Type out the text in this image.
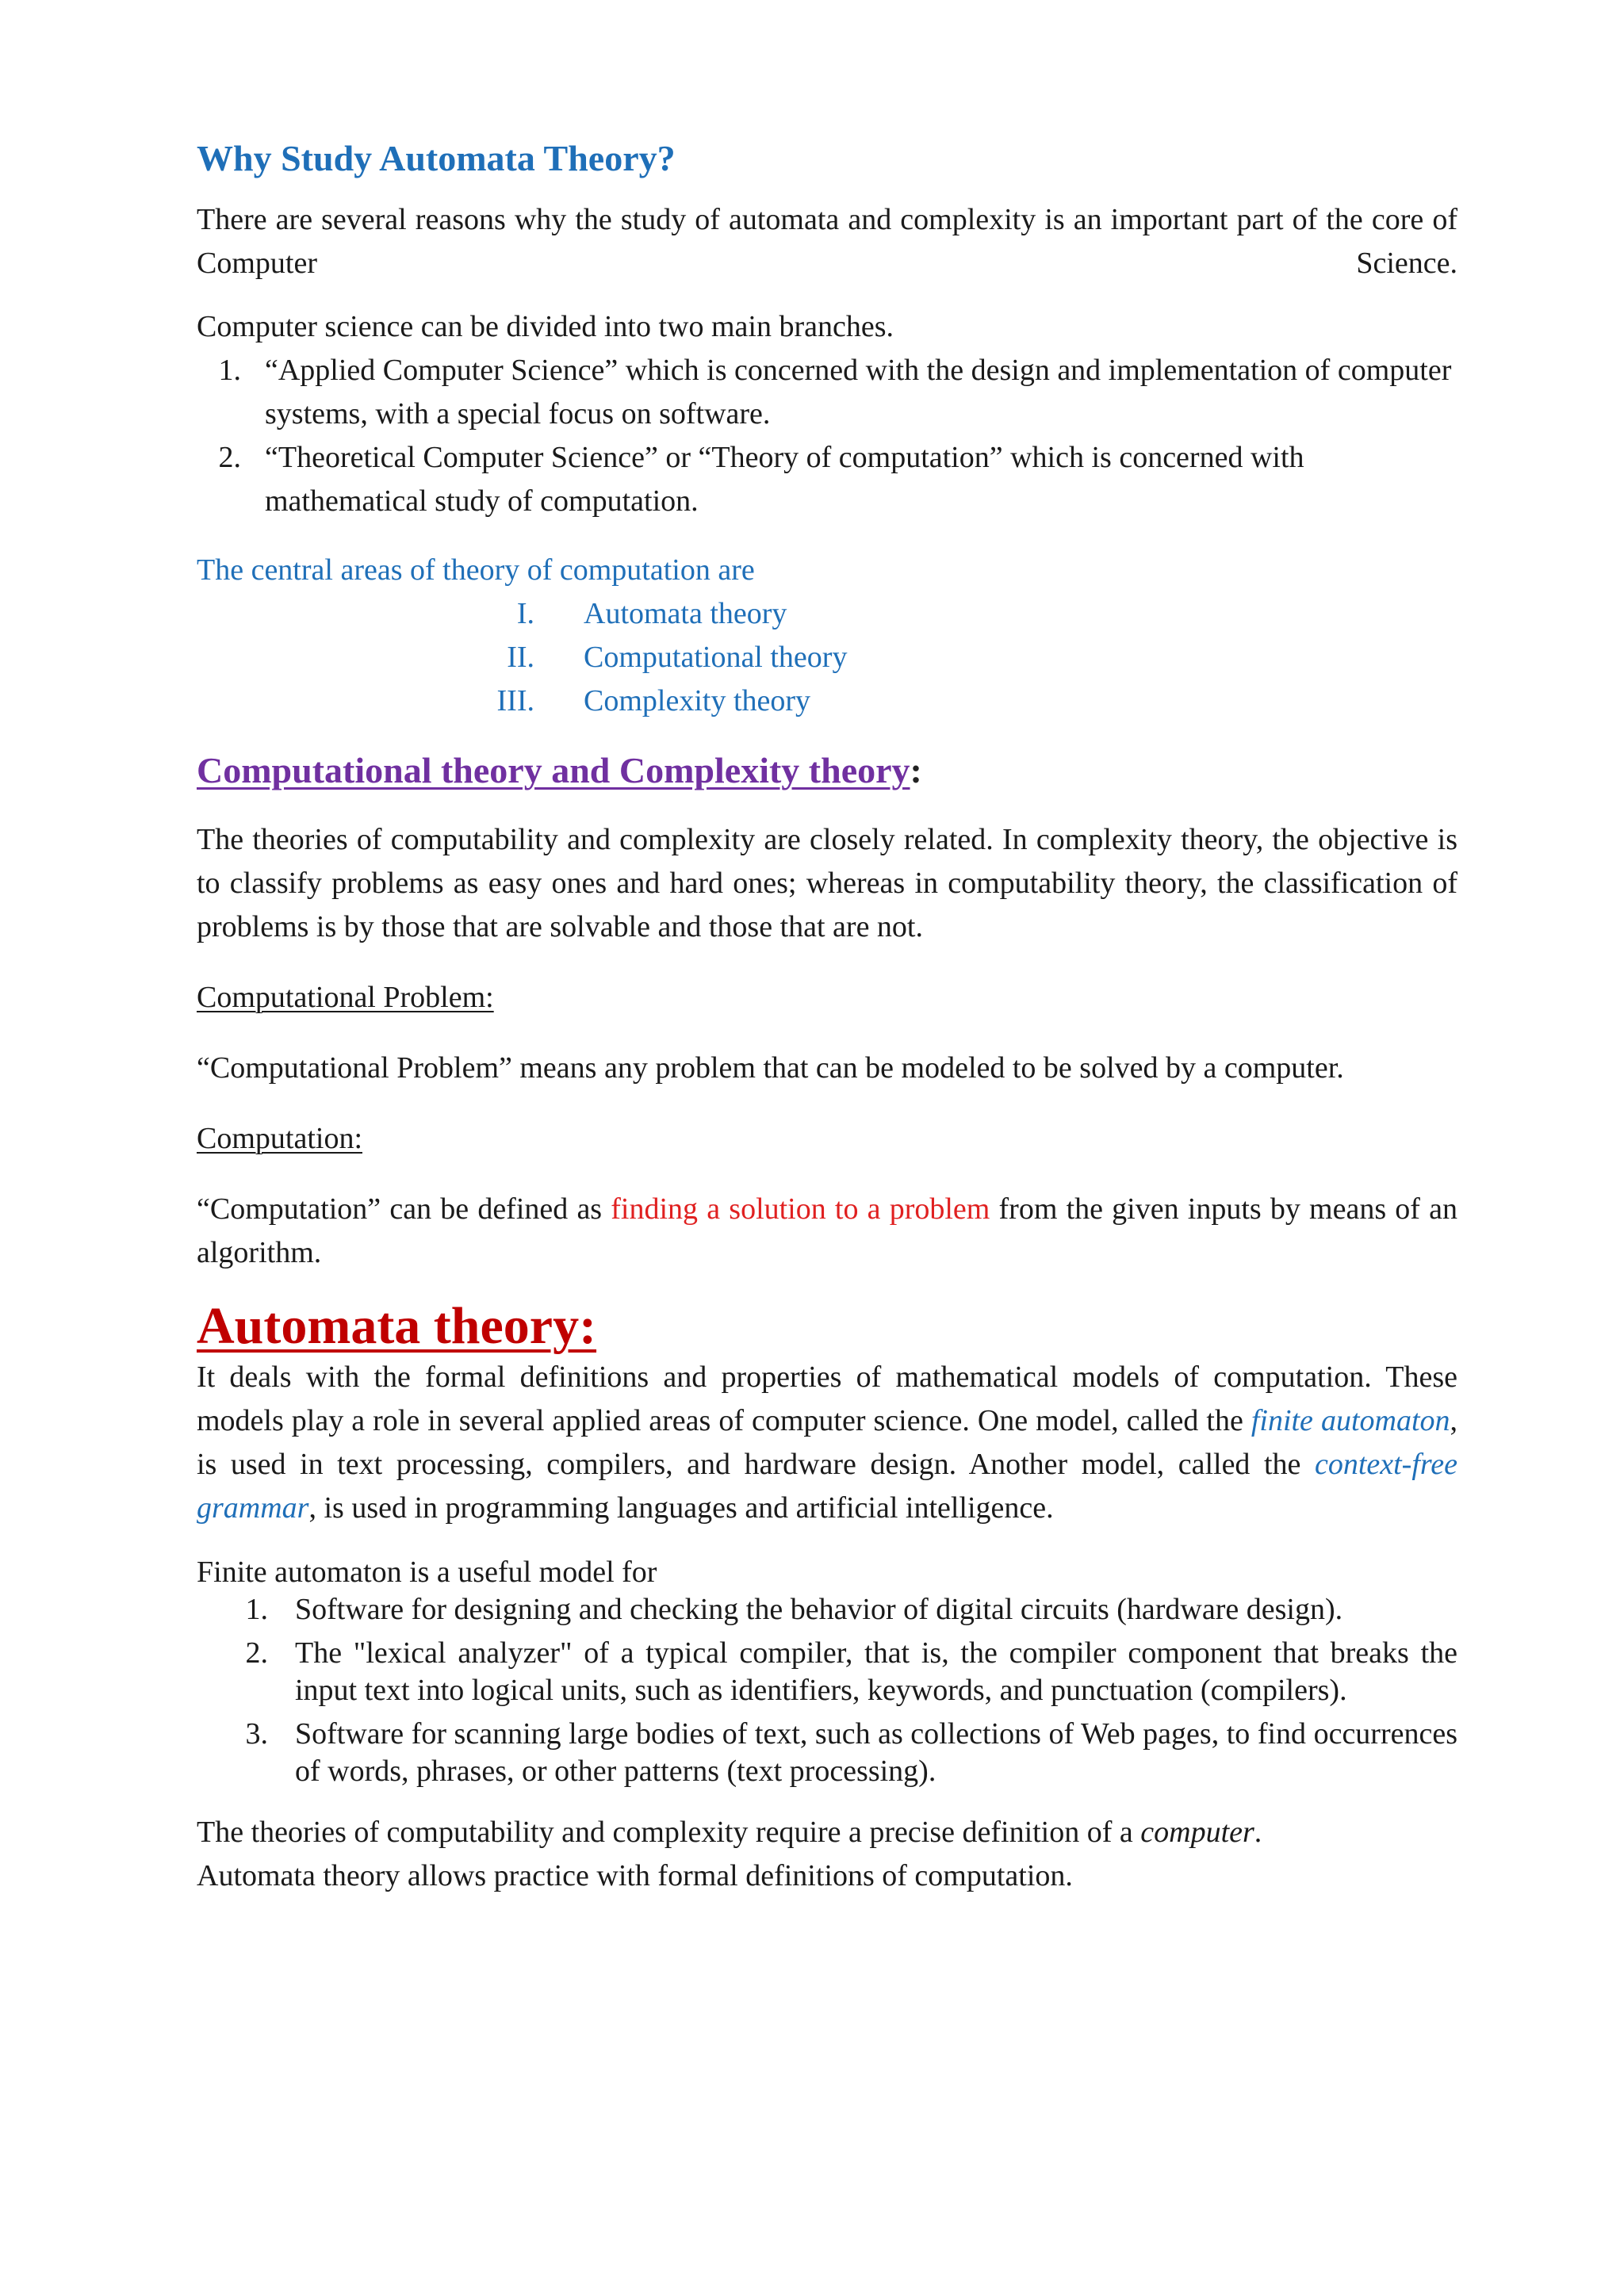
Why Study Automata Theory?

There are several reasons why the study of automata and complexity is an important part of the core of Computer Science.

Computer science can be divided into two main branches.

1. “Applied Computer Science” which is concerned with the design and implementation of computer systems, with a special focus on software.
2. “Theoretical Computer Science” or “Theory of computation” which is concerned with mathematical study of computation.

The central areas of theory of computation are

I. Automata theory
II. Computational theory
III. Complexity theory
Computational theory and Complexity theory:

The theories of computability and complexity are closely related. In complexity theory, the objective is to classify problems as easy ones and hard ones; whereas in computability theory, the classification of problems is by those that are solvable and those that are not.

Computational Problem:

“Computational Problem” means any problem that can be modeled to be solved by a computer.

Computation:

“Computation” can be defined as finding a solution to a problem from the given inputs by means of an algorithm.

Automata theory:

It deals with the formal definitions and properties of mathematical models of computation. These models play a role in several applied areas of computer science. One model, called the finite automaton, is used in text processing, compilers, and hardware design. Another model, called the context-free grammar, is used in programming languages and artificial intelligence.

Finite automaton is a useful model for

1. Software for designing and checking the behavior of digital circuits (hardware design).
2. The "lexical analyzer" of a typical compiler, that is, the compiler component that breaks the input text into logical units, such as identifiers, keywords, and punctuation (compilers).
3. Software for scanning large bodies of text, such as collections of Web pages, to find occurrences of words, phrases, or other patterns (text processing).

The theories of computability and complexity require a precise definition of a computer.
Automata theory allows practice with formal definitions of computation.
